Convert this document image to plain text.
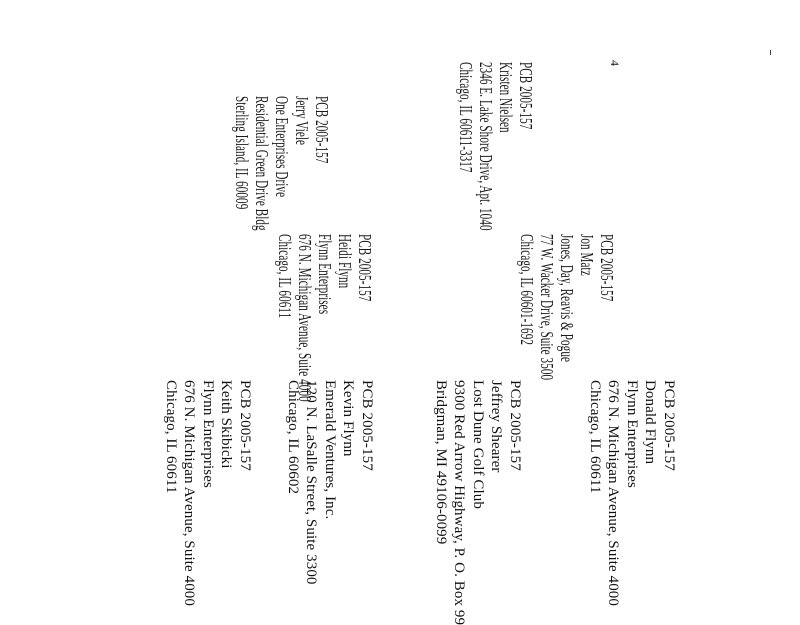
4
PCB 2005-157
Donald Flynn
Flynn Enterprises
676 N. Michigan Avenue, Suite 4000
Chicago, IL 60611
PCB 2005-157
Jeffrey Shearer
Lost Dune Golf Club
9300 Red Arrow Highway, P. O. Box 99
Bridgman, MI 49106-0099
PCB 2005-157
Kevin Flynn
Emerald Ventures, Inc.
120 N. LaSalle Street, Suite 3300
Chicago, IL 60602
PCB 2005-157
Keith Skibicki
Flynn Enterprises
676 N. Michigan Avenue, Suite 4000
Chicago, IL 60611
PCB 2005-157
Jon Matz
Jones, Day, Reavis & Pogue
77 W. Wacker Drive, Suite 3500
Chicago, IL 60601-1692
PCB 2005-157
Heidi Flynn
Flynn Enterprises
676 N. Michigan Avenue, Suite 4000
Chicago, IL 60611
PCB 2005-157
Kristen Nielsen
2346 E. Lake Shore Drive, Apt. 1040
Chicago, IL 60611-3317
PCB 2005-157
Jerry Viele
One Enterprises Drive
Residential Green Drive Bldg
Sterling Island, IL 60009
